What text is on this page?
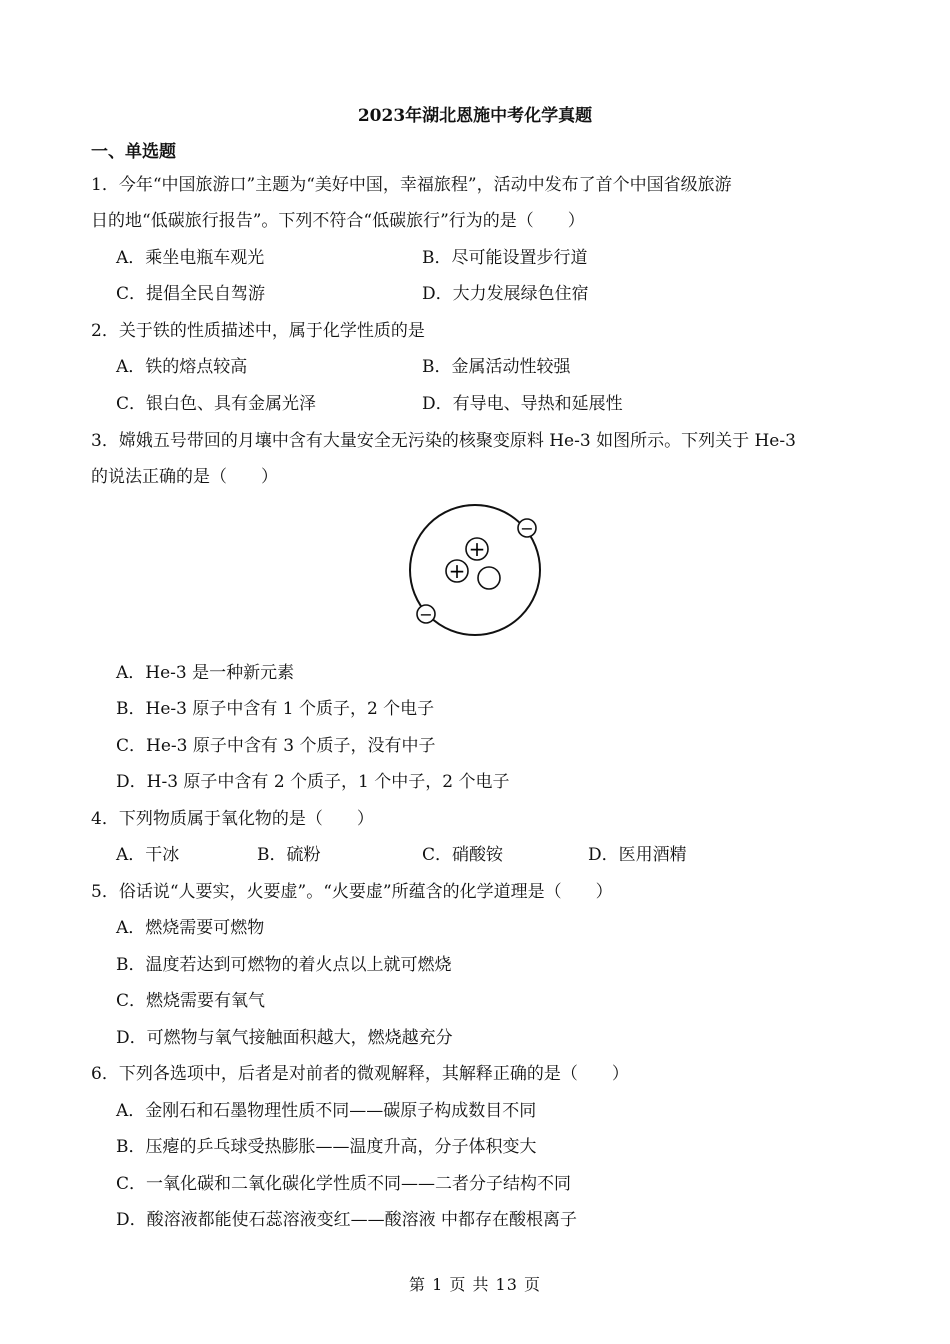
2023年湖北恩施中考化学真题
一、单选题
1．今年“中国旅游口”主题为“美好中国，幸福旅程”，活动中发布了首个中国省级旅游
日的地“低碳旅行报告”。下列不符合“低碳旅行”行为的是（　　）
A．乘坐电瓶车观光	B．尽可能设置步行道
C．提倡全民自驾游	D．大力发展绿色住宿
2．关于铁的性质描述中，属于化学性质的是
A．铁的熔点较高	B．金属活动性较强
C．银白色、具有金属光泽	D．有导电、导热和延展性
3．嫦娥五号带回的月壤中含有大量安全无污染的核聚变原料 He-3 如图所示。下列关于 He-3
的说法正确的是（　　）
+
+
−
−
A．He-3 是一种新元素
B．He-3 原子中含有 1 个质子，2 个电子
C．He-3 原子中含有 3 个质子，没有中子
D．H-3 原子中含有 2 个质子，1 个中子，2 个电子
4．下列物质属于氧化物的是（　　）
A．干冰	B．硫粉	C．硝酸铵	D．医用酒精
5．俗话说“人要实，火要虚”。“火要虚”所蕴含的化学道理是（　　）
A．燃烧需要可燃物
B．温度若达到可燃物的着火点以上就可燃烧
C．燃烧需要有氧气
D．可燃物与氧气接触面积越大，燃烧越充分
6．下列各选项中，后者是对前者的微观解释，其解释正确的是（　　）
A．金刚石和石墨物理性质不同——碳原子构成数目不同
B．压瘪的乒乓球受热膨胀——温度升高，分子体积变大
C．一氧化碳和二氧化碳化学性质不同——二者分子结构不同
D．酸溶液都能使石蕊溶液变红——酸溶液 中都存在酸根离子
第 1 页 共 13 页
